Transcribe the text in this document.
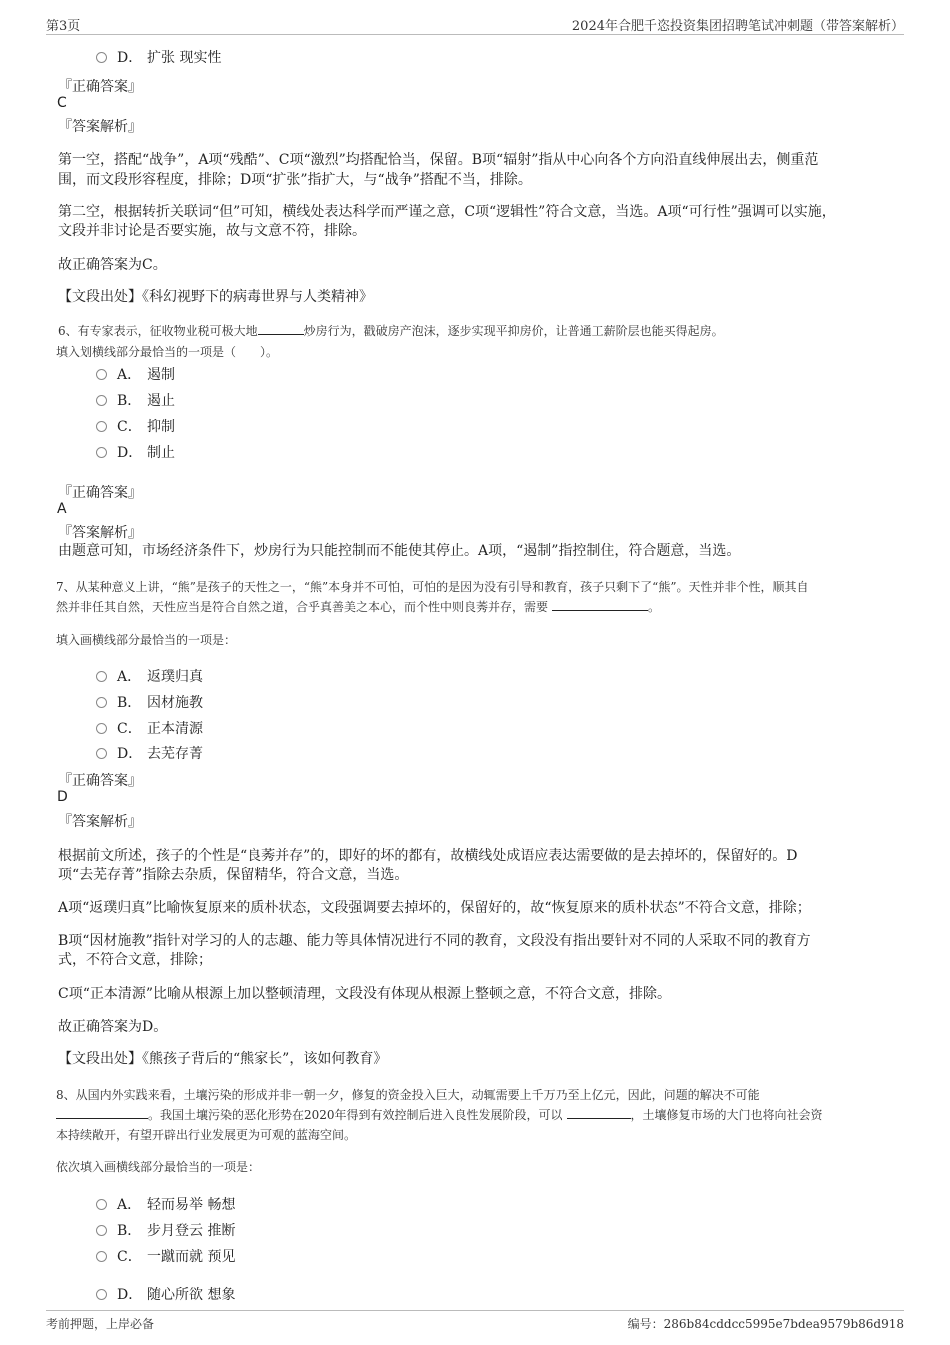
第3页	2024年合肥千恣投资集团招聘笔试冲刺题（带答案解析）
D． 扩张 现实性
『正确答案』
C
『答案解析』
第一空，搭配“战争”，A项“残酷”、C项“激烈”均搭配恰当，保留。B项“辐射”指从中心向各个方向沿直线伸展出去，侧重范
围，而文段形容程度，排除；D项“扩张”指扩大，与“战争”搭配不当，排除。
第二空，根据转折关联词“但”可知，横线处表达科学而严谨之意，C项“逻辑性”符合文意，当选。A项“可行性”强调可以实施，
文段并非讨论是否要实施，故与文意不符，排除。
故正确答案为C。
【文段出处】《科幻视野下的病毒世界与人类精神》
6、有专家表示，征收物业税可极大地	炒房行为，戳破房产泡沫，逐步实现平抑房价，让普通工薪阶层也能买得起房。
填入划横线部分最恰当的一项是（　　）。
A． 遏制
B． 遏止
C． 抑制
D． 制止
『正确答案』
A
『答案解析』
由题意可知，市场经济条件下，炒房行为只能控制而不能使其停止。A项，“遏制”指控制住，符合题意，当选。
7、从某种意义上讲，“熊”是孩子的天性之一，“熊”本身并不可怕，可怕的是因为没有引导和教育，孩子只剩下了“熊”。天性并非个性，顺其自
然并非任其自然，天性应当是符合自然之道，合乎真善美之本心，而个性中则良莠并存，需要	。
填入画横线部分最恰当的一项是：
A． 返璞归真
B． 因材施教
C． 正本清源
D． 去芜存菁
『正确答案』
D
『答案解析』
根据前文所述，孩子的个性是“良莠并存”的，即好的坏的都有，故横线处成语应表达需要做的是去掉坏的，保留好的。D
项“去芜存菁”指除去杂质，保留精华，符合文意，当选。
A项“返璞归真”比喻恢复原来的质朴状态，文段强调要去掉坏的，保留好的，故“恢复原来的质朴状态”不符合文意，排除；
B项“因材施教”指针对学习的人的志趣、能力等具体情况进行不同的教育，文段没有指出要针对不同的人采取不同的教育方
式，不符合文意，排除；
C项“正本清源”比喻从根源上加以整顿清理，文段没有体现从根源上整顿之意，不符合文意，排除。
故正确答案为D。
【文段出处】《熊孩子背后的“熊家长”，该如何教育》
8、从国内外实践来看，土壤污染的形成并非一朝一夕，修复的资金投入巨大，动辄需要上千万乃至上亿元，因此，问题的解决不可能
。我国土壤污染的恶化形势在2020年得到有效控制后进入良性发展阶段，可以	，土壤修复市场的大门也将向社会资
本持续敞开，有望开辟出行业发展更为可观的蓝海空间。
依次填入画横线部分最恰当的一项是：
A． 轻而易举 畅想
B． 步月登云 推断
C． 一蹴而就 预见
D． 随心所欲 想象
考前押题，上岸必备	编号：286b84cddcc5995e7bdea9579b86d918
